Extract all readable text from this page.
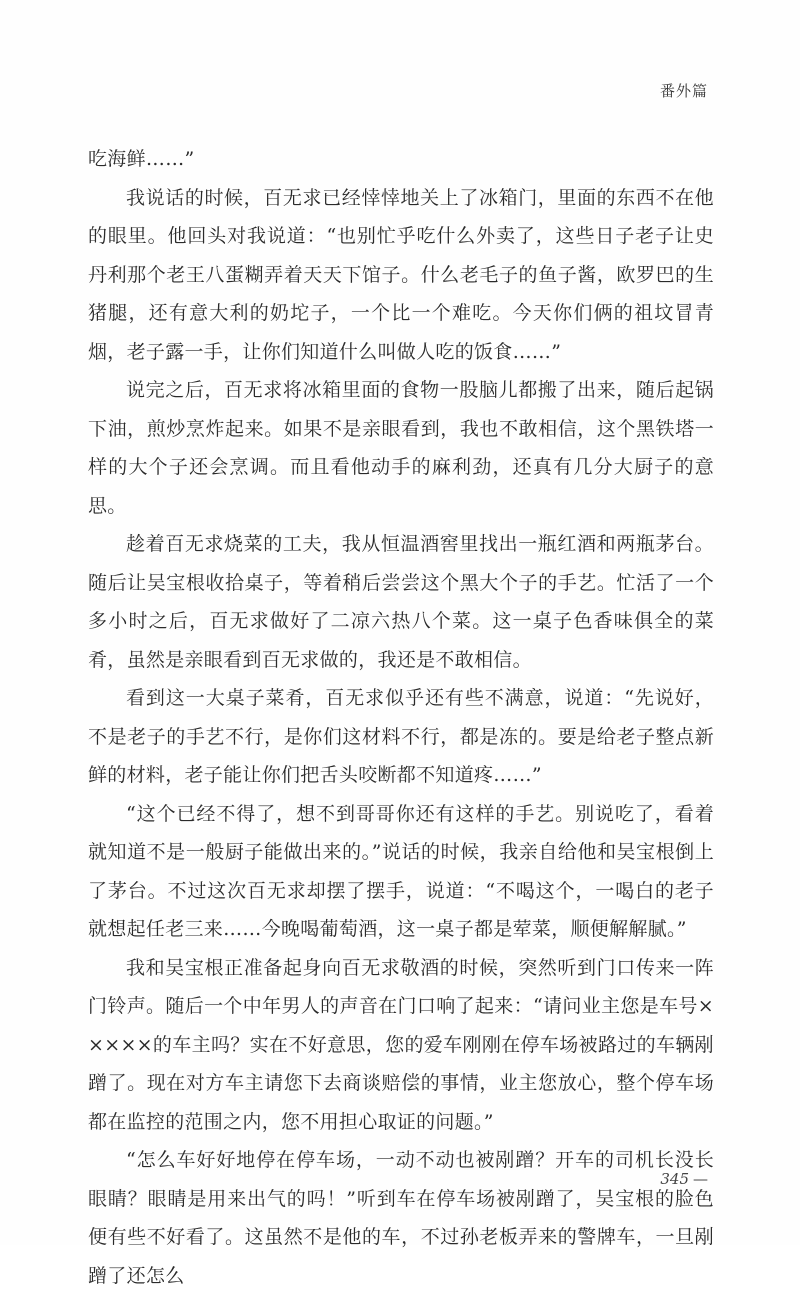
番外篇

吃海鲜……”

我说话的时候，百无求已经悻悻地关上了冰箱门，里面的东西不在他的眼里。他回头对我说道：“也别忙乎吃什么外卖了，这些日子老子让史丹利那个老王八蛋糊弄着天天下馆子。什么老毛子的鱼子酱，欧罗巴的生猪腿，还有意大利的奶坨子，一个比一个难吃。今天你们俩的祖坟冒青烟，老子露一手，让你们知道什么叫做人吃的饭食……”

说完之后，百无求将冰箱里面的食物一股脑儿都搬了出来，随后起锅下油，煎炒烹炸起来。如果不是亲眼看到，我也不敢相信，这个黑铁塔一样的大个子还会烹调。而且看他动手的麻利劲，还真有几分大厨子的意思。

趁着百无求烧菜的工夫，我从恒温酒窖里找出一瓶红酒和两瓶茅台。随后让吴宝根收拾桌子，等着稍后尝尝这个黑大个子的手艺。忙活了一个多小时之后，百无求做好了二凉六热八个菜。这一桌子色香味俱全的菜肴，虽然是亲眼看到百无求做的，我还是不敢相信。

看到这一大桌子菜肴，百无求似乎还有些不满意，说道：“先说好，不是老子的手艺不行，是你们这材料不行，都是冻的。要是给老子整点新鲜的材料，老子能让你们把舌头咬断都不知道疼……”

“这个已经不得了，想不到哥哥你还有这样的手艺。别说吃了，看着就知道不是一般厨子能做出来的。”说话的时候，我亲自给他和吴宝根倒上了茅台。不过这次百无求却摆了摆手，说道：“不喝这个，一喝白的老子就想起任老三来……今晚喝葡萄酒，这一桌子都是荤菜，顺便解解腻。”

我和吴宝根正准备起身向百无求敬酒的时候，突然听到门口传来一阵门铃声。随后一个中年男人的声音在门口响了起来：“请问业主您是车号×××××的车主吗？实在不好意思，您的爱车刚刚在停车场被路过的车辆剐蹭了。现在对方车主请您下去商谈赔偿的事情，业主您放心，整个停车场都在监控的范围之内，您不用担心取证的问题。”

“怎么车好好地停在停车场，一动不动也被剐蹭？开车的司机长没长眼睛？眼睛是用来出气的吗！”听到车在停车场被剐蹭了，吴宝根的脸色便有些不好看了。这虽然不是他的车，不过孙老板弄来的警牌车，一旦剐蹭了还怎么

345 —
